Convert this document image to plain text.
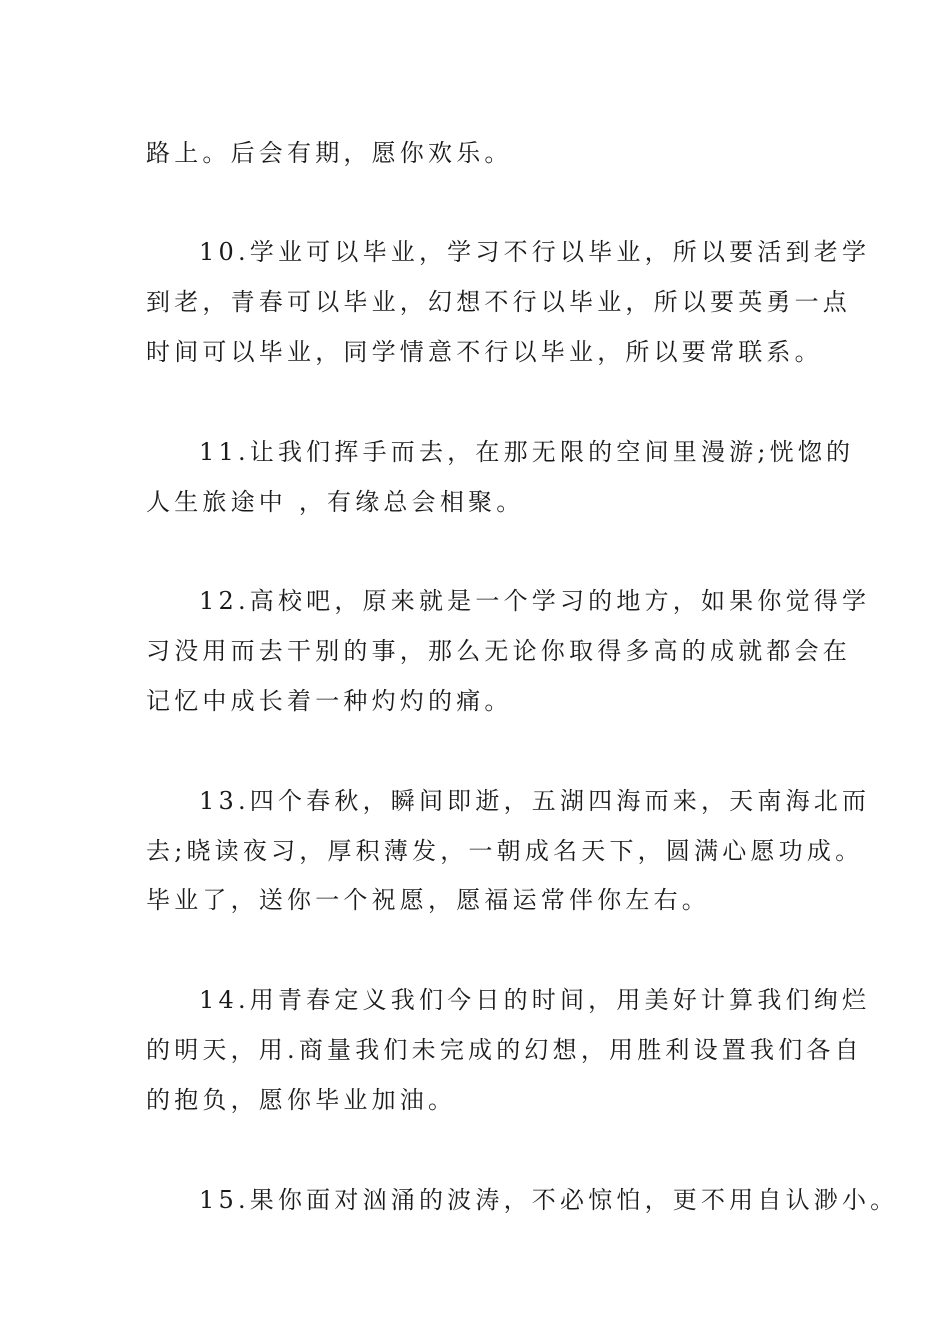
路上。后会有期，愿你欢乐。
10.学业可以毕业，学习不行以毕业，所以要活到老学
到老，青春可以毕业，幻想不行以毕业，所以要英勇一点
时间可以毕业，同学情意不行以毕业，所以要常联系。
11.让我们挥手而去，在那无限的空间里漫游;恍惚的
人生旅途中 ，有缘总会相聚。
12.高校吧，原来就是一个学习的地方，如果你觉得学
习没用而去干别的事，那么无论你取得多高的成就都会在
记忆中成长着一种灼灼的痛。
13.四个春秋，瞬间即逝，五湖四海而来，天南海北而
去;晓读夜习，厚积薄发，一朝成名天下，圆满心愿功成。
毕业了，送你一个祝愿，愿福运常伴你左右。
14.用青春定义我们今日的时间，用美好计算我们绚烂
的明天，用.商量我们未完成的幻想，用胜利设置我们各自
的抱负，愿你毕业加油。
15.果你面对汹涌的波涛，不必惊怕，更不用自认渺小。
